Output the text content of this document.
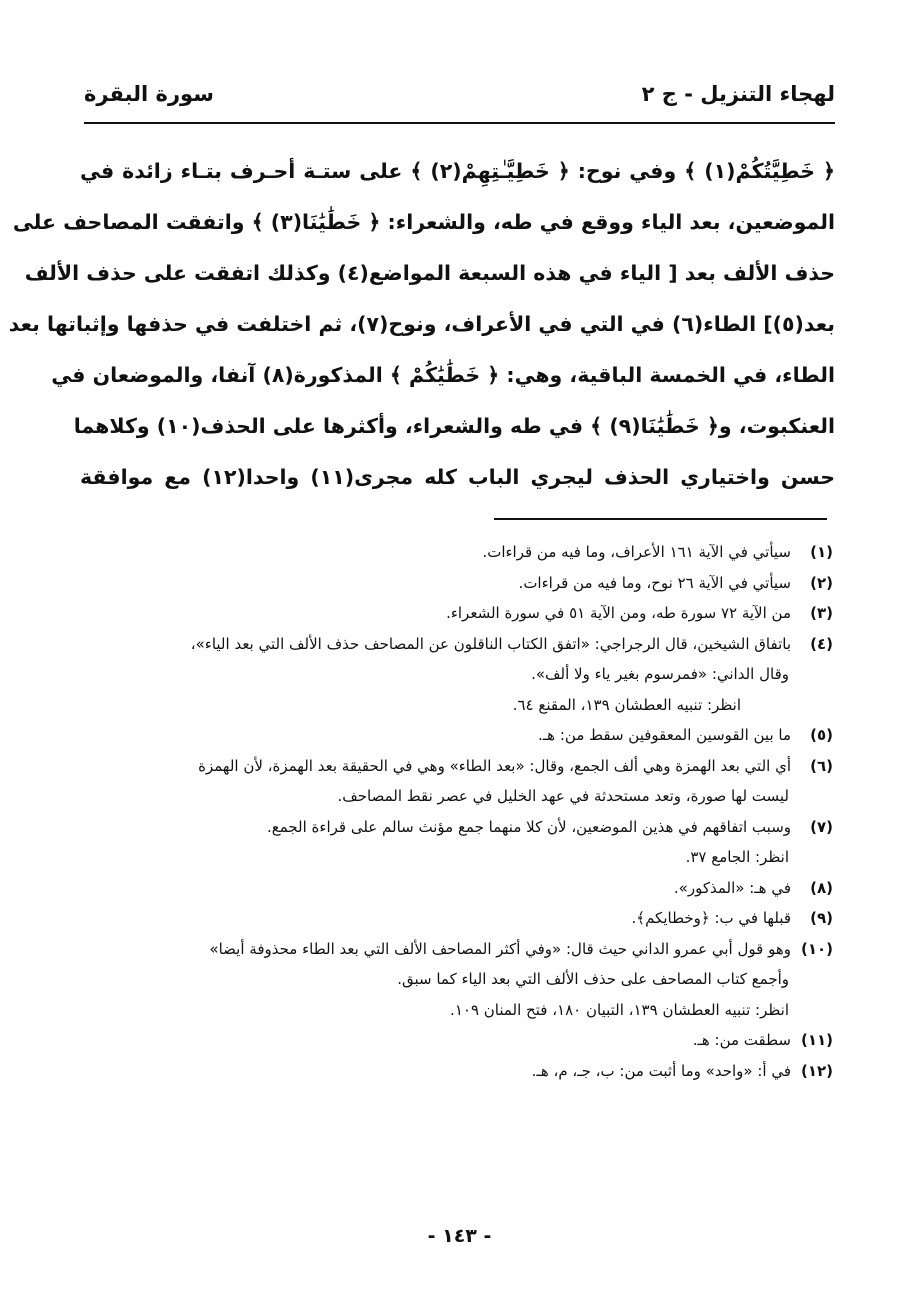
لهجاء التنزيل - ج ٢
سورة البقرة
﴿ خَطِيَّتُكُمْ(١) ﴾ وفي نوح: ﴿ خَطِيَّـٰتِهِمْ(٢) ﴾ على ستـة أحـرف بتـاء زائدة في
الموضعين، بعد الياء ووقع في طه، والشعراء: ﴿ خَطَٰيَٰنَا(٣) ﴾ واتفقت المصاحف على
حذف الألف بعد [ الياء في هذه السبعة المواضع(٤) وكذلك اتفقت على حذف الألف
بعد(٥)] الطاء(٦) في التي في الأعراف، ونوح(٧)، ثم اختلفت في حذفها وإثباتها بعد
الطاء، في الخمسة الباقية، وهي: ﴿ خَطَٰيَٰكُمْ ﴾ المذكورة(٨) آنفا، والموضعان في
العنكبوت، و﴿ خَطَٰيَٰنَا(٩) ﴾ في طه والشعراء، وأكثرها على الحذف(١٠) وكلاهما
حسن واختياري الحذف ليجري الباب كله مجرى(١١) واحدا(١٢) مع موافقة
(١)سيأتي في الآية ١٦١ الأعراف، وما فيه من قراءات.
(٢)سيأتي في الآية ٢٦ نوح، وما فيه من قراءات.
(٣)من الآية ٧٢ سورة طه، ومن الآية ٥١ في سورة الشعراء.
(٤)باتفاق الشيخين، قال الرجراجي: «اتفق الكتاب الناقلون عن المصاحف حذف الألف التي بعد الياء»،
وقال الداني: «فمرسوم بغير ياء ولا ألف».
انظر: تنبيه العطشان ١٣٩، المقنع ٦٤.
(٥)ما بين القوسين المعقوفين سقط من: هـ.
(٦)أي التي بعد الهمزة وهي ألف الجمع، وقال: «بعد الطاء» وهي في الحقيقة بعد الهمزة، لأن الهمزة
ليست لها صورة، وتعد مستحدثة في عهد الخليل في عصر نقط المصاحف.
(٧)وسبب اتفاقهم في هذين الموضعين، لأن كلا منهما جمع مؤنث سالم على قراءة الجمع.
انظر: الجامع ٣٧.
(٨)في هـ: «المذكور».
(٩)قبلها في ب: ﴿وخطايكم﴾.
(١٠)وهو قول أبي عمرو الداني حيث قال: «وفي أكثر المصاحف الألف التي بعد الطاء محذوفة أيضا»
وأجمع كتاب المصاحف على حذف الألف التي بعد الياء كما سبق.
انظر: تنبيه العطشان ١٣٩، التبيان ١٨٠، فتح المنان ١٠٩.
(١١)سطقت من: هـ.
(١٢)في أ: «واحد» وما أثبت من: ب، جـ، م، هـ.
- ١٤٣ -
